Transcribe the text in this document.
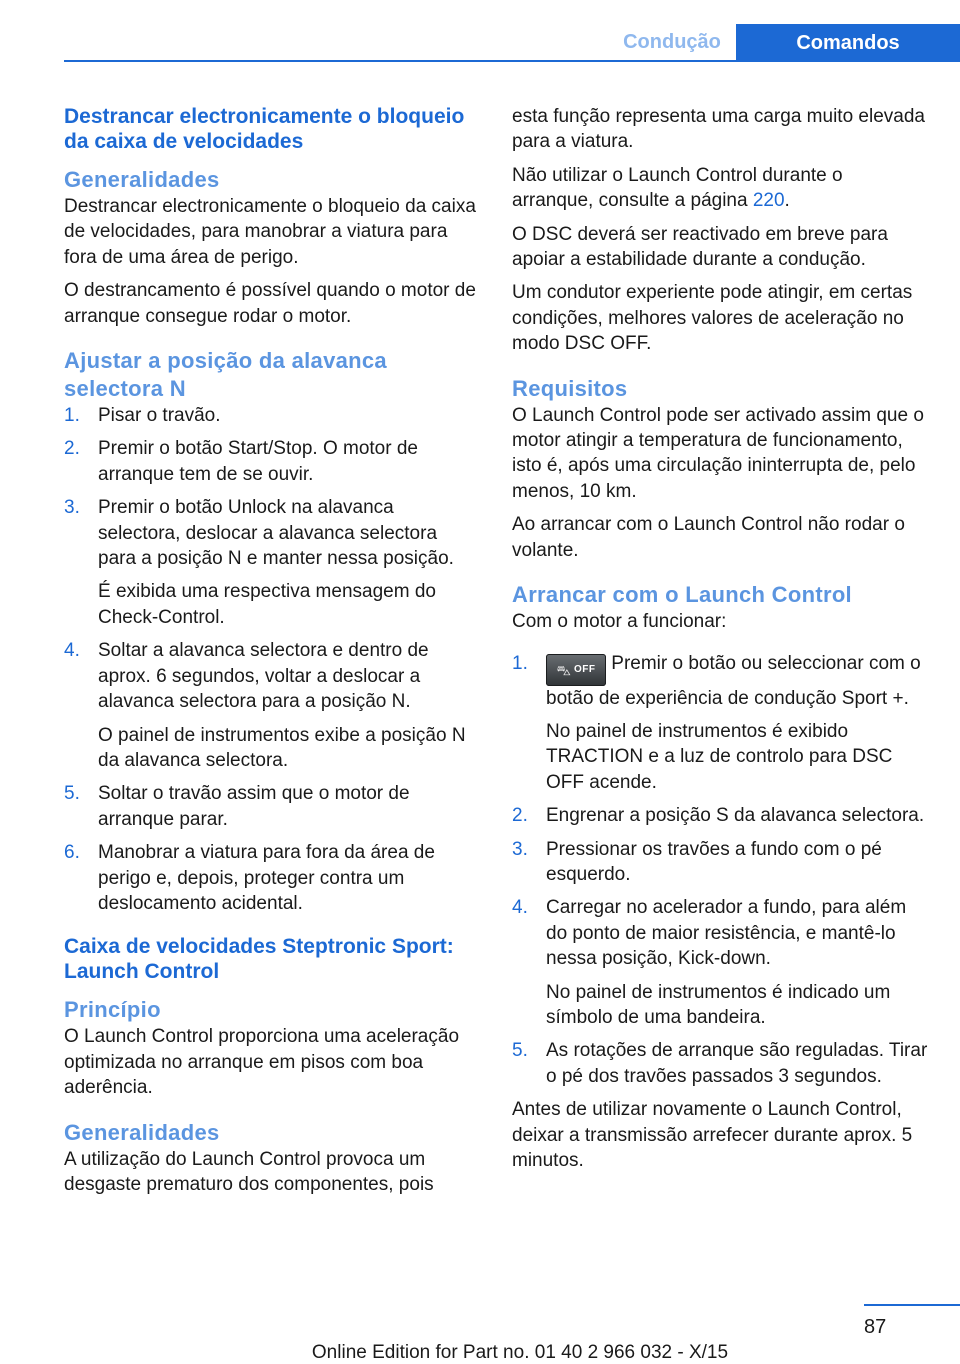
Condução	Comandos
Destrancar electronicamente o bloqueio da caixa de velocidades
Generalidades

Destrancar electronicamente o bloqueio da caixa de velocidades, para manobrar a viatura para fora de uma área de perigo.

O destrancamento é possível quando o motor de arranque consegue rodar o motor.

Ajustar a posição da alavanca selectora N
1. Pisar o travão.
2. Premir o botão Start/Stop. O motor de arranque tem de se ouvir.
3. Premir o botão Unlock na alavanca selectora, deslocar a alavanca selectora para a posição N e manter nessa posição.
É exibida uma respectiva mensagem do Check-Control.
4. Soltar a alavanca selectora e dentro de aprox. 6 segundos, voltar a deslocar a alavanca selectora para a posição N.
O painel de instrumentos exibe a posição N da alavanca selectora.
5. Soltar o travão assim que o motor de arranque parar.
6. Manobrar a viatura para fora da área de perigo e, depois, proteger contra um deslocamento acidental.
Caixa de velocidades Steptronic Sport: Launch Control
Princípio

O Launch Control proporciona uma aceleração optimizada no arranque em pisos com boa aderência.

Generalidades

A utilização do Launch Control provoca um desgaste prematuro dos componentes, pois

esta função representa uma carga muito elevada para a viatura.

Não utilizar o Launch Control durante o arranque, consulte a página 220.

O DSC deverá ser reactivado em breve para apoiar a estabilidade durante a condução.

Um condutor experiente pode atingir, em certas condições, melhores valores de aceleração no modo DSC OFF.

Requisitos

O Launch Control pode ser activado assim que o motor atingir a temperatura de funcionamento, isto é, após uma circulação ininterrupta de, pelo menos, 10 km.

Ao arrancar com o Launch Control não rodar o volante.

Arrancar com o Launch Control

Com o motor a funcionar:

1. ⛍ OFF Premir o botão ou seleccionar com o botão de experiência de condução Sport +.
No painel de instrumentos é exibido TRACTION e a luz de controlo para DSC OFF acende.
2. Engrenar a posição S da alavanca selectora.
3. Pressionar os travões a fundo com o pé esquerdo.
4. Carregar no acelerador a fundo, para além do ponto de maior resistência, e mantê-lo nessa posição, Kick-down.
No painel de instrumentos é indicado um símbolo de uma bandeira.
5. As rotações de arranque são reguladas. Tirar o pé dos travões passados 3 segundos.

Antes de utilizar novamente o Launch Control, deixar a transmissão arrefecer durante aprox. 5 minutos.

87
Online Edition for Part no. 01 40 2 966 032 - X/15
